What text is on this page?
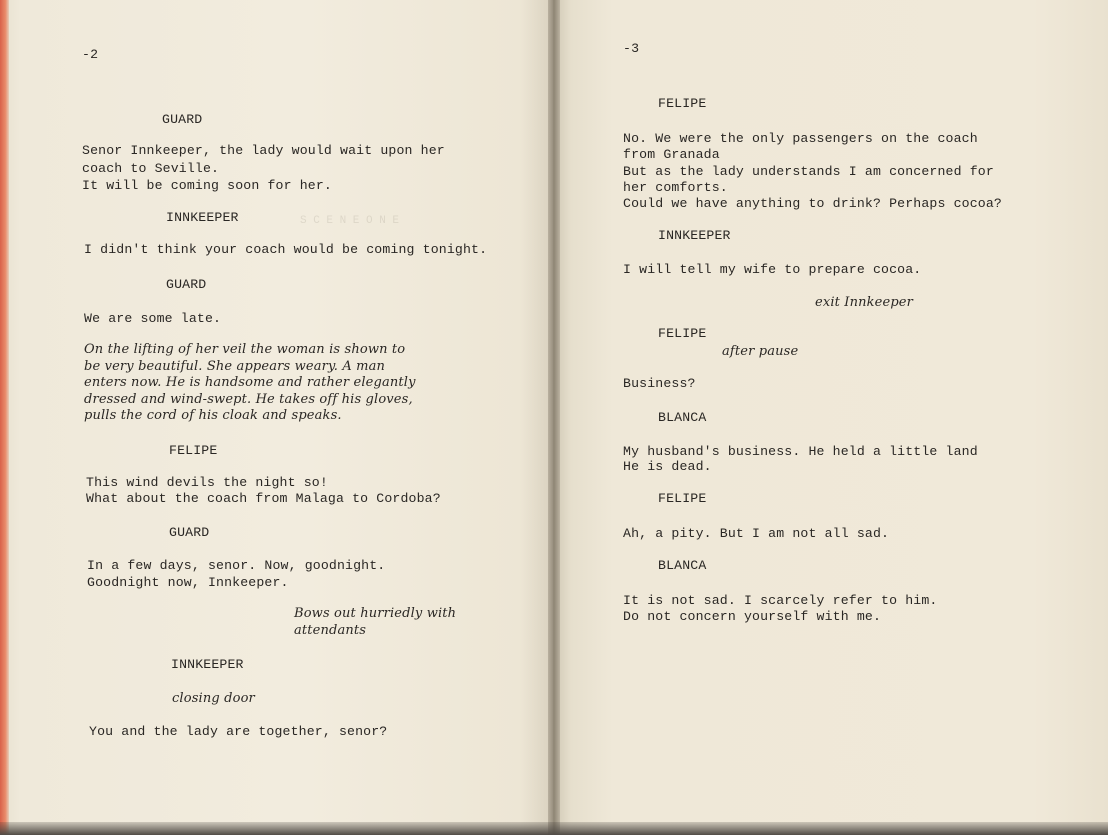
S C E N E O N E
-2
GUARD
Senor Innkeeper, the lady would wait upon her
coach to Seville.
It will be coming soon for her.
INNKEEPER
I didn't think your coach would be coming tonight.
GUARD
We are some late.
On the lifting of her veil the woman is shown to
be very beautiful. She appears weary. A man
enters now. He is handsome and rather elegantly
dressed and wind-swept. He takes off his gloves,
pulls the cord of his cloak and speaks.
FELIPE
This wind devils the night so!
What about the coach from Malaga to Cordoba?
GUARD
In a few days, senor. Now, goodnight.
Goodnight now, Innkeeper.
Bows out hurriedly with
attendants
INNKEEPER
closing door
You and the lady are together, senor?
-3
FELIPE
No. We were the only passengers on the coach
from Granada
But as the lady understands I am concerned for
her comforts.
Could we have anything to drink? Perhaps cocoa?
INNKEEPER
I will tell my wife to prepare cocoa.
exit Innkeeper
FELIPE
after pause
Business?
BLANCA
My husband's business. He held a little land
He is dead.
FELIPE
Ah, a pity. But I am not all sad.
BLANCA
It is not sad. I scarcely refer to him.
Do not concern yourself with me.
